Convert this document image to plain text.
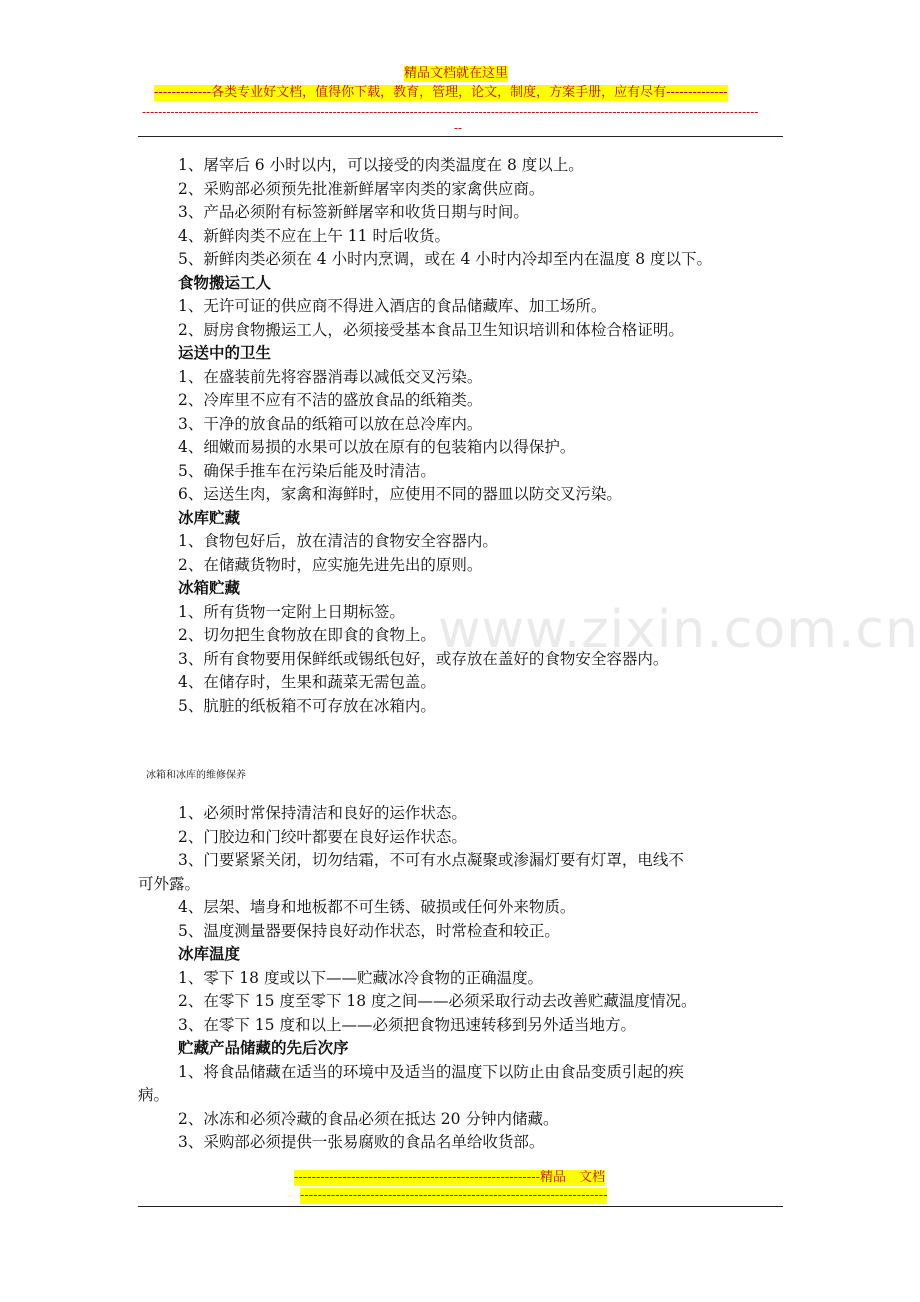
精品文档就在这里
-------------各类专业好文档，值得你下载，教育，管理，论文，制度，方案手册，应有尽有--------------
--------------------------------------------------------------------------------------------------------------------------------------------------------
--
www.zixin.com.cn
1、屠宰后 6 小时以内，可以接受的肉类温度在 8 度以上。
2、采购部必须预先批准新鲜屠宰肉类的家禽供应商。
3、产品必须附有标签新鲜屠宰和收货日期与时间。
4、新鲜肉类不应在上午 11 时后收货。
5、新鲜肉类必须在 4 小时内烹调，或在 4 小时内冷却至内在温度 8 度以下。
食物搬运工人
1、无许可证的供应商不得进入酒店的食品储藏库、加工场所。
2、厨房食物搬运工人，必须接受基本食品卫生知识培训和体检合格证明。
运送中的卫生
1、在盛装前先将容器消毒以减低交叉污染。
2、冷库里不应有不洁的盛放食品的纸箱类。
3、干净的放食品的纸箱可以放在总冷库内。
4、细嫩而易损的水果可以放在原有的包装箱内以得保护。
5、确保手推车在污染后能及时清洁。
6、运送生肉，家禽和海鲜时，应使用不同的器皿以防交叉污染。
冰库贮藏
1、食物包好后，放在清洁的食物安全容器内。
2、在储藏货物时，应实施先进先出的原则。
冰箱贮藏
1、所有货物一定附上日期标签。
2、切勿把生食物放在即食的食物上。
3、所有食物要用保鲜纸或锡纸包好，或存放在盖好的食物安全容器内。
4、在储存时，生果和蔬菜无需包盖。
5、肮脏的纸板箱不可存放在冰箱内。
冰箱和冰库的维修保养
1、必须时常保持清洁和良好的运作状态。
2、门胶边和门绞叶都要在良好运作状态。
3、门要紧紧关闭，切勿结霜，不可有水点凝聚或渗漏灯要有灯罩，电线不
可外露。
4、层架、墙身和地板都不可生锈、破损或任何外来物质。
5、温度测量器要保持良好动作状态，时常检查和较正。
冰库温度
1、零下 18 度或以下——贮藏冰冷食物的正确温度。
2、在零下 15 度至零下 18 度之间——必须采取行动去改善贮藏温度情况。
3、在零下 15 度和以上——必须把食物迅速转移到另外适当地方。
贮藏产品储藏的先后次序
1、将食品储藏在适当的环境中及适当的温度下以防止由食品变质引起的疾
病。
2、冰冻和必须冷藏的食品必须在抵达 20 分钟内储藏。
3、采购部必须提供一张易腐败的食品名单给收货部。
--------------------------------------------------------精品　文档
----------------------------------------------------------------------
